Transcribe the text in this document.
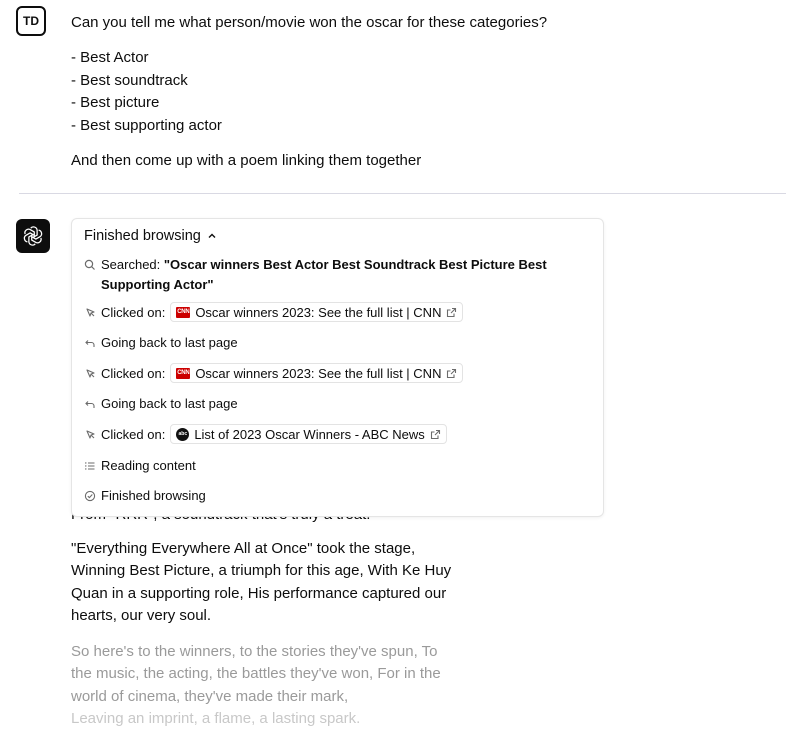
TD Can you tell me what person/movie won the oscar for these categories?

- Best Actor

- Best soundtrack

- Best picture

- Best supporting actor

And then come up with a poem linking them together

"Everything Everywhere All at Once" took the stage, Winning Best Picture, a triumph for this age, With Ke Huy Quan in a supporting role, His performance captured our hearts, our very soul.

So here's to the winners, to the stories they've spun, To the music, the acting, the battles they've won, For in the world of cinema, they've made their mark,

Leaving an imprint, a flame, a lasting spark.

Finished browsing
Searched: "Oscar winners Best Actor Best Soundtrack Best Picture Best Supporting Actor"
Clicked on: CNN Oscar winners 2023: See the full list | CNN
Going back to last page
Clicked on: CNN Oscar winners 2023: See the full list | CNN
Going back to last page
Clicked on:	abc List of 2023 Oscar Winners - ABC News
Reading content
Finished browsing
